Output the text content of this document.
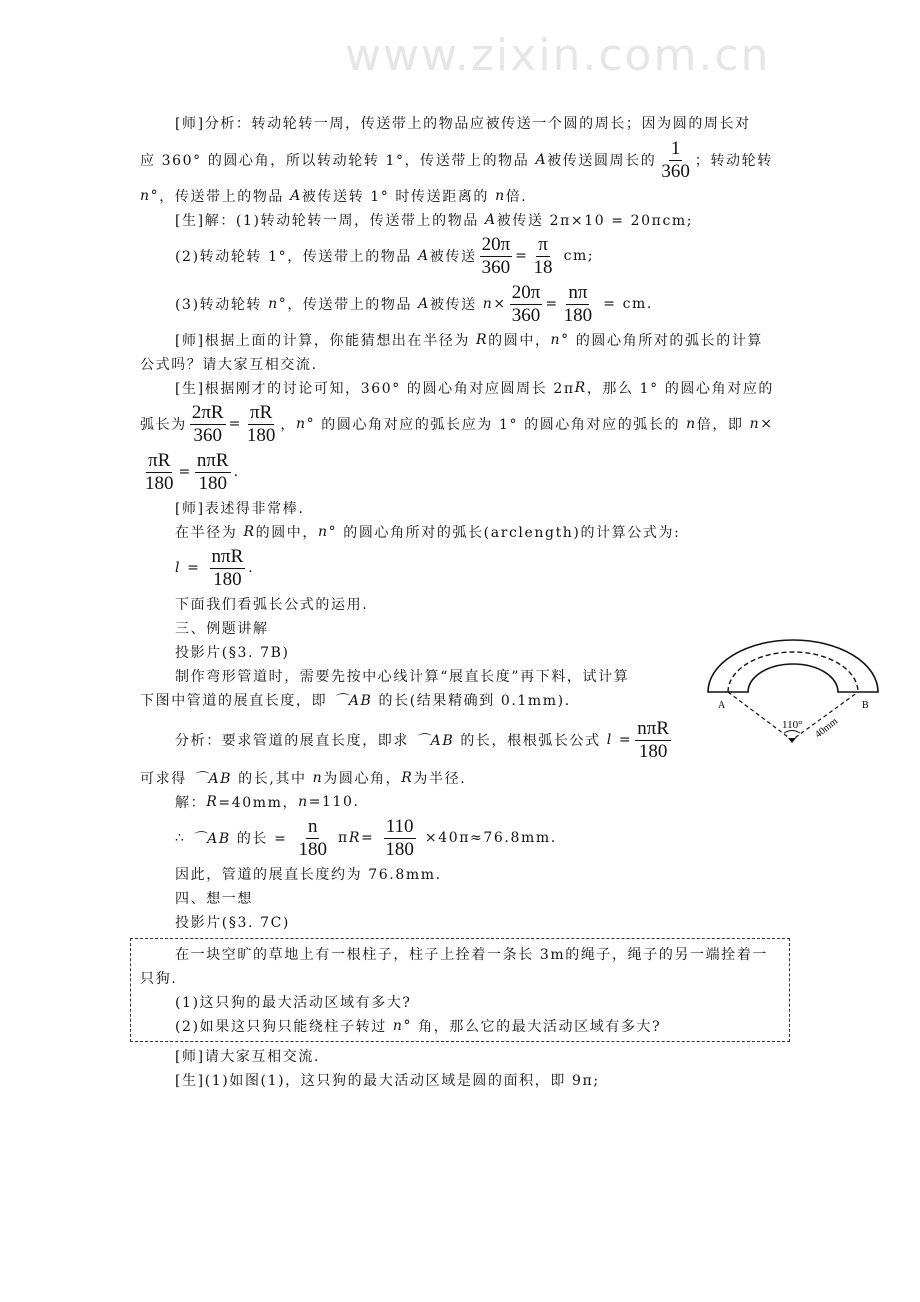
www.zixin.com.cn
[师]分析：转动轮转一周，传送带上的物品应被传送一个圆的周长；因为圆的周长对
应 360° 的圆心角，所以转动轮转 1°，传送带上的物品 A 被传送圆周长的 $\frac{1}{360}$ ；转动轮转
n° ，传送带上的物品 A 被传送转 1° 时传送距离的 n 倍.
[生]解：(1)转动轮转一周，传送带上的物品 A 被传送 2π×10 = 20πcm;
(2)转动轮转 1°，传送带上的物品 A 被传送 $\frac{20\pi}{360} = \frac{\pi}{18}$ cm;
(3)转动轮转 n° ，传送带上的物品 A 被传送 $n \times \frac{20\pi}{360} = \frac{n\pi}{180}$ = cm.
[师]根据上面的计算，你能猜想出在半径为 R 的圆中， n° 的圆心角所对的弧长的计算
公式吗？请大家互相交流.
[生]根据刚才的讨论可知，360° 的圆心角对应圆周长 2π R ，那么 1° 的圆心角对应的
弧长为 $\frac{2\pi R}{360} = \frac{\pi R}{180}$ ， n° 的圆心角对应的弧长应为 1° 的圆心角对应的弧长的 n 倍，即 n ×
$\frac{\pi R}{180} = \frac{\text{nπR}}{180}$ .
[师]表述得非常棒.
在半径为 R 的圆中， n° 的圆心角所对的弧长(arclength)的计算公式为:
$l = \frac{\text{nπR}}{180}$ .
下面我们看弧长公式的运用.
三、例题讲解
投影片(§3. 7B)
制作弯形管道时，需要先按中心线计算“展直长度”再下料，试计算
下图中管道的展直长度，即 ⌒AB 的长(结果精确到 0.1mm).
分析：要求管道的展直长度，即求 ⌒AB 的长，根根弧长公式 $l = \frac{\text{nπR}}{180}$
可求得 ⌒AB 的长,其中 n 为圆心角， R 为半径.
解： R =40mm， n =110.
∴ ⌒AB 的长 = $\frac{n}{180}$ π $R = \frac{110}{180} \times 40\pi\approx 76.8mm$.
因此，管道的展直长度约为 76.8mm.
四、想一想
投影片(§3. 7C)
在一块空旷的草地上有一根柱子，柱子上拴着一条长 3m的绳子，绳子的另一端拴着一
只狗.
(1)这只狗的最大活动区域有多大?
(2)如果这只狗只能绕柱子转过 n° 角，那么它的最大活动区域有多大?
[师]请大家互相交流.
[生](1)如图(1)，这只狗的最大活动区域是圆的面积，即 9π;
A	B
110° 40mm
